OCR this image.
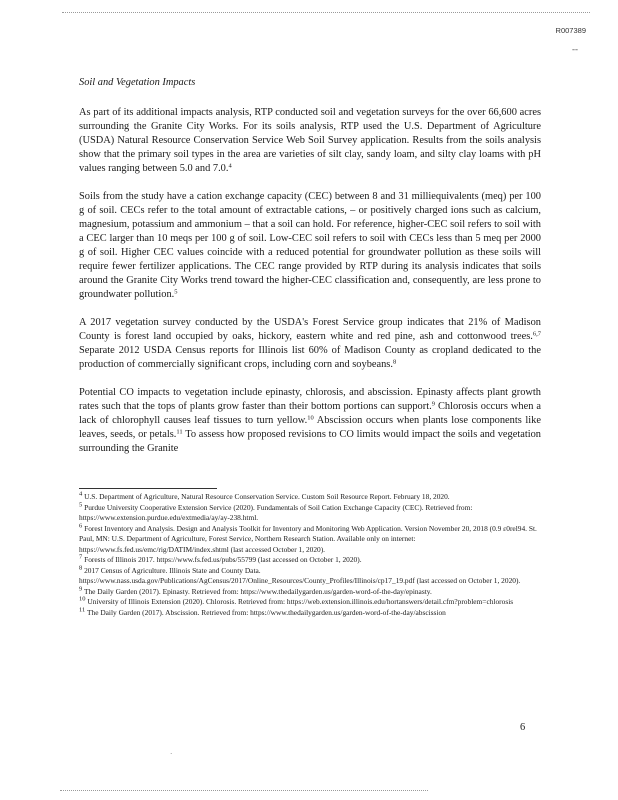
R007389
‐‐
Soil and Vegetation Impacts

As part of its additional impacts analysis, RTP conducted soil and vegetation surveys for the over 66,600 acres surrounding the Granite City Works. For its soils analysis, RTP used the U.S. Department of Agriculture (USDA) Natural Resource Conservation Service Web Soil Survey application. Results from the soils analysis show that the primary soil types in the area are varieties of silt clay, sandy loam, and silty clay loams with pH values ranging between 5.0 and 7.0.$^4$

Soils from the study have a cation exchange capacity (CEC) between 8 and 31 milliequivalents (meq) per 100 g of soil. CECs refer to the total amount of extractable cations, – or positively charged ions such as calcium, magnesium, potassium and ammonium – that a soil can hold. For reference, higher-CEC soil refers to soil with a CEC larger than 10 meqs per 100 g of soil. Low-CEC soil refers to soil with CECs less than 5 meq per 2000 g of soil. Higher CEC values coincide with a reduced potential for groundwater pollution as these soils will require fewer fertilizer applications. The CEC range provided by RTP during its analysis indicates that soils around the Granite City Works trend toward the higher-CEC classification and, consequently, are less prone to groundwater pollution.$^5$

A 2017 vegetation survey conducted by the USDA's Forest Service group indicates that 21% of Madison County is forest land occupied by oaks, hickory, eastern white and red pine, ash and cottonwood trees.$^{6,7}$ Separate 2012 USDA Census reports for Illinois list 60% of Madison County as cropland dedicated to the production of commercially significant crops, including corn and soybeans.$^8$

Potential CO impacts to vegetation include epinasty, chlorosis, and abscission. Epinasty affects plant growth rates such that the tops of plants grow faster than their bottom portions can support.$^9$ Chlorosis occurs when a lack of chlorophyll causes leaf tissues to turn yellow.$^{10}$ Abscission occurs when plants lose components like leaves, seeds, or petals.$^{11}$ To assess how proposed revisions to CO limits would impact the soils and vegetation surrounding the Granite

$^4$ U.S. Department of Agriculture, Natural Resource Conservation Service. Custom Soil Resource Report. February 18, 2020.

$^5$ Purdue University Cooperative Extension Service (2020). Fundamentals of Soil Cation Exchange Capacity (CEC). Retrieved from: https://www.extension.purdue.edu/extmedia/ay/ay-238.html.

$^6$ Forest Inventory and Analysis. Design and Analysis Toolkit for Inventory and Monitoring Web Application. Version November 20, 2018 (0.9 ε0rel94. St. Paul, MN: U.S. Department of Agriculture, Forest Service, Northern Research Station. Available only on internet: https://www.fs.fed.us/emc/rig/DATIM/index.shtml (last accessed October 1, 2020).

$^7$ Forests of Illinois 2017. https://www.fs.fed.us/pubs/55799 (last accessed on October 1, 2020).

$^8$ 2017 Census of Agriculture. Illinois State and County Data. https://www.nass.usda.gov/Publications/AgCensus/2017/Online_Resources/County_Profiles/Illinois/cp17_19.pdf (last accessed on October 1, 2020).

$^9$ The Daily Garden (2017). Epinasty. Retrieved from: https://www.thedailygarden.us/garden-word-of-the-day/epinasty.

$^{10}$ University of Illinois Extension (2020). Chlorosis. Retrieved from: https://web.extension.illinois.edu/hortanswers/detail.cfm?problem=chlorosis

$^{11}$ The Daily Garden (2017). Abscission. Retrieved from: https://www.thedailygarden.us/garden-word-of-the-day/abscission

6
·
